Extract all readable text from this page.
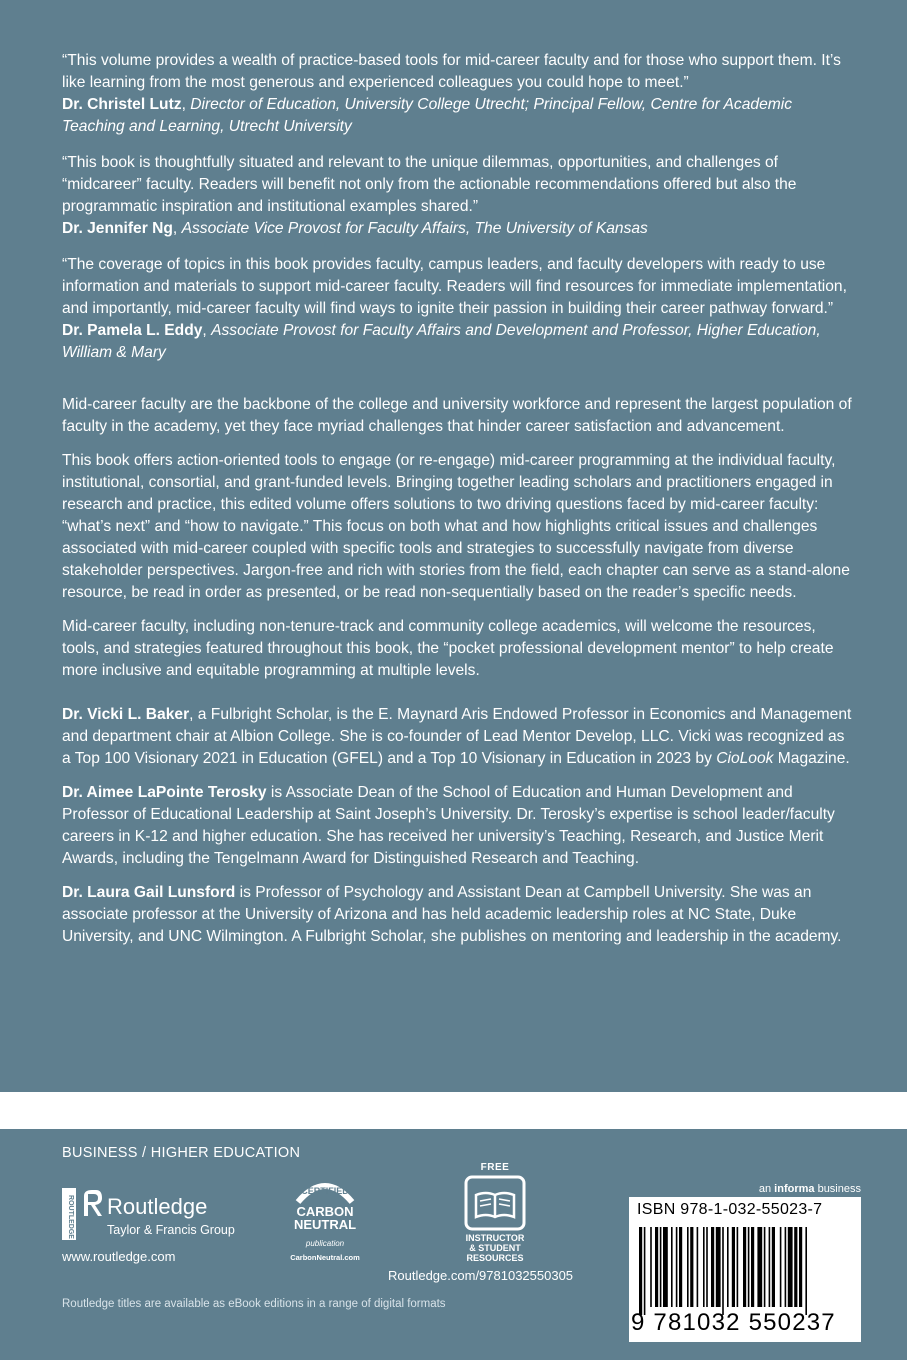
“This volume provides a wealth of practice-based tools for mid-career faculty and for those who support them. It’s like learning from the most generous and experienced colleagues you could hope to meet.”
Dr. Christel Lutz, Director of Education, University College Utrecht; Principal Fellow, Centre for Academic Teaching and Learning, Utrecht University

“This book is thoughtfully situated and relevant to the unique dilemmas, opportunities, and challenges of “midcareer” faculty. Readers will benefit not only from the actionable recommendations offered but also the programmatic inspiration and institutional examples shared.”
Dr. Jennifer Ng, Associate Vice Provost for Faculty Affairs, The University of Kansas

“The coverage of topics in this book provides faculty, campus leaders, and faculty developers with ready to use information and materials to support mid-career faculty. Readers will find resources for immediate implementation, and importantly, mid-career faculty will find ways to ignite their passion in building their career pathway forward.”
Dr. Pamela L. Eddy, Associate Provost for Faculty Affairs and Development and Professor, Higher Education, William & Mary

Mid-career faculty are the backbone of the college and university workforce and represent the largest population of faculty in the academy, yet they face myriad challenges that hinder career satisfaction and advancement.

This book offers action-oriented tools to engage (or re-engage) mid-career programming at the individual faculty, institutional, consortial, and grant-funded levels. Bringing together leading scholars and practitioners engaged in research and practice, this edited volume offers solutions to two driving questions faced by mid-career faculty: “what’s next” and “how to navigate.” This focus on both what and how highlights critical issues and challenges associated with mid-career coupled with specific tools and strategies to successfully navigate from diverse stakeholder perspectives. Jargon-free and rich with stories from the field, each chapter can serve as a stand-alone resource, be read in order as presented, or be read non-sequentially based on the reader’s specific needs.

Mid-career faculty, including non-tenure-track and community college academics, will welcome the resources, tools, and strategies featured throughout this book, the “pocket professional development mentor” to help create more inclusive and equitable programming at multiple levels.

Dr. Vicki L. Baker, a Fulbright Scholar, is the E. Maynard Aris Endowed Professor in Economics and Management and department chair at Albion College. She is co-founder of Lead Mentor Develop, LLC. Vicki was recognized as a Top 100 Visionary 2021 in Education (GFEL) and a Top 10 Visionary in Education in 2023 by CioLook Magazine.

Dr. Aimee LaPointe Terosky is Associate Dean of the School of Education and Human Development and Professor of Educational Leadership at Saint Joseph’s University. Dr. Terosky’s expertise is school leader/faculty careers in K-12 and higher education. She has received her university’s Teaching, Research, and Justice Merit Awards, including the Tengelmann Award for Distinguished Research and Teaching.

Dr. Laura Gail Lunsford is Professor of Psychology and Assistant Dean at Campbell University. She was an associate professor at the University of Arizona and has held academic leadership roles at NC State, Duke University, and UNC Wilmington. A Fulbright Scholar, she publishes on mentoring and leadership in the academy.

BUSINESS / HIGHER EDUCATION
ROUTLEDGE Routledge
Taylor & Francis Group
www.routledge.com
CERTIFIED
CARBON
NEUTRAL
publication
CarbonNeutral.com
FREE
INSTRUCTOR
& STUDENT
RESOURCES
Routledge.com/9781032550305
Routledge titles are available as eBook editions in a range of digital formats
an informa business
ISBN 978-1-032-55023-7
9 781032 550237
